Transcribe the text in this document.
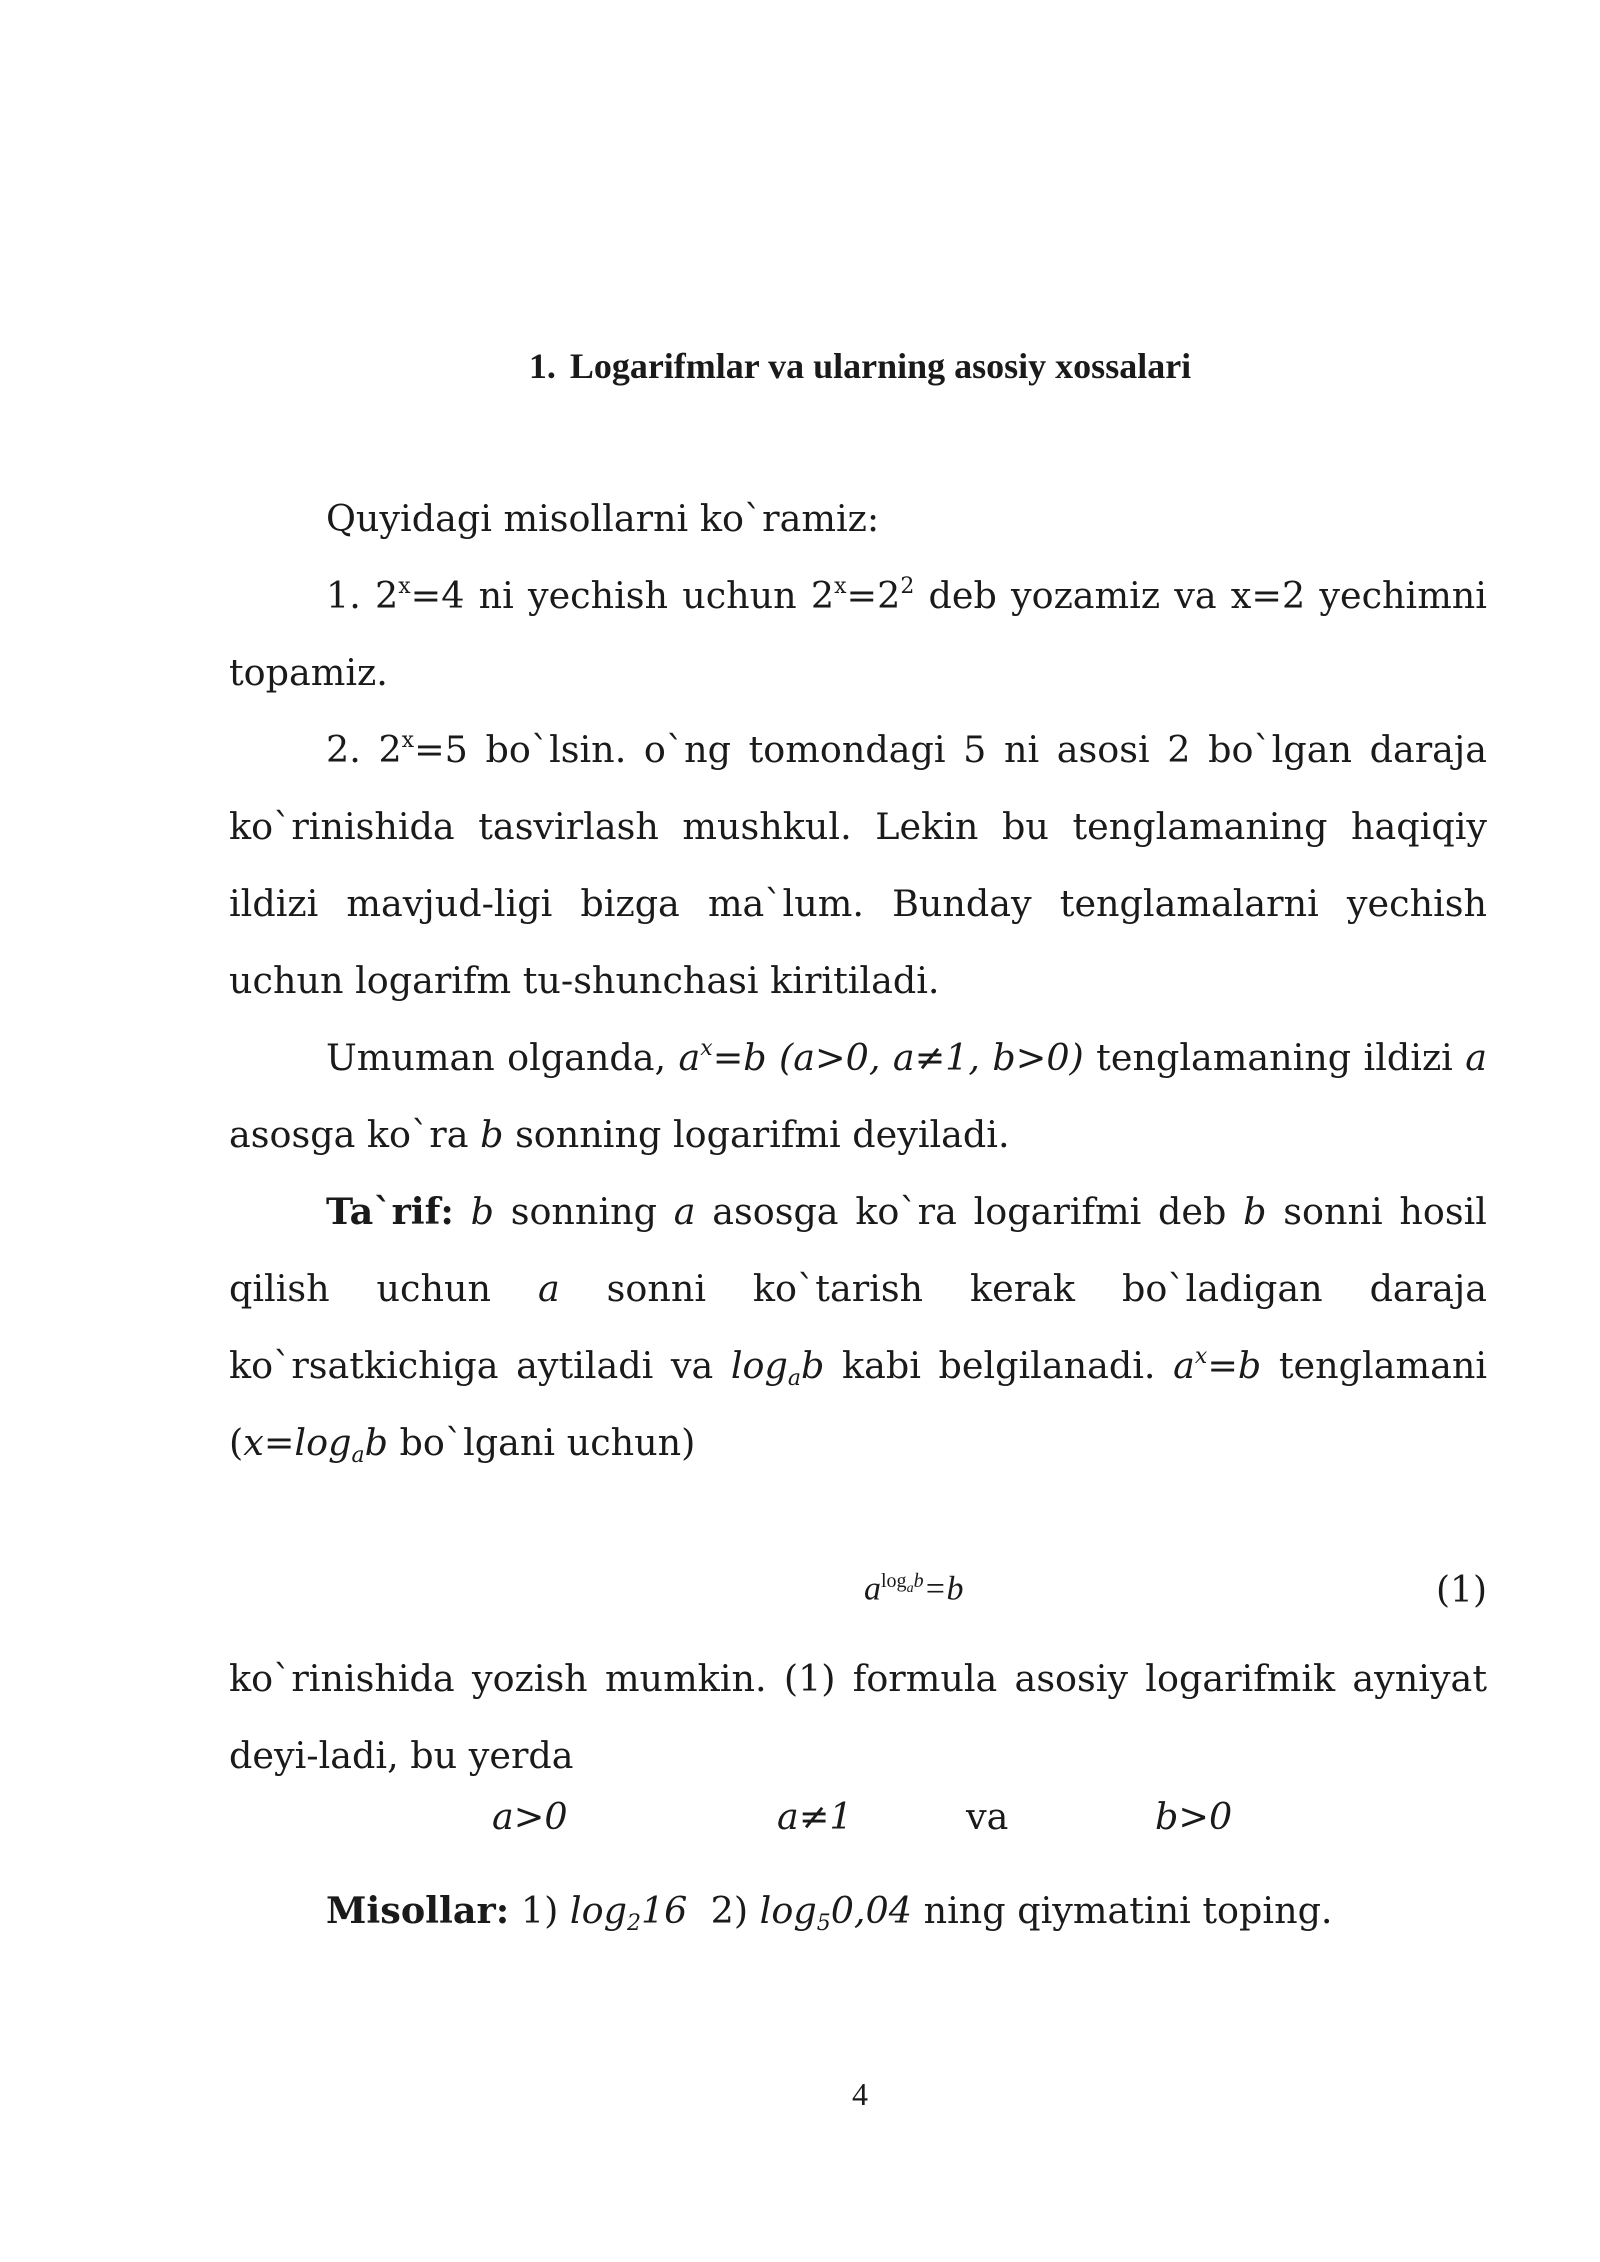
1. Logarifmlar va ularning asosiy xossalari

Quyidagi misollarni ko`ramiz:

1. $2^x=4$ ni yechish uchun $2^x=2^2$ deb yozamiz va x=2 yechimni topamiz.

2. $2^x=5$ bo`lsin. o`ng tomondagi 5 ni asosi 2 bo`lgan daraja ko`rinishida tasvirlash mushkul. Lekin bu tenglamaning haqiqiy ildizi mavjud-ligi bizga ma`lum. Bunday tenglamalarni yechish uchun logarifm tu-shunchasi kiritiladi.

Umuman olganda, $a^x=b$ (a>0, a≠1, b>0) tenglamaning ildizi a asosga ko`ra b sonning logarifmi deyiladi.

Ta`rif: b sonning a asosga ko`ra logarifmi deb b sonni hosil qilish uchun a sonni ko`tarish kerak bo`ladigan daraja ko`rsatkichiga aytiladi va $\log_ab$ kabi belgilanadi. $a^x=b$ tenglamani ($x=\log_ab$ bo`lgani uchun)

$a^{log_ab}=b$	(1)

ko`rinishida yozish mumkin. (1) formula asosiy logarifmik ayniyat deyi-ladi, bu yerda

a>0	a≠1	va	b>0

Misollar: 1) $\log_216$  2) $\log_50,04$ ning qiymatini toping.

4
